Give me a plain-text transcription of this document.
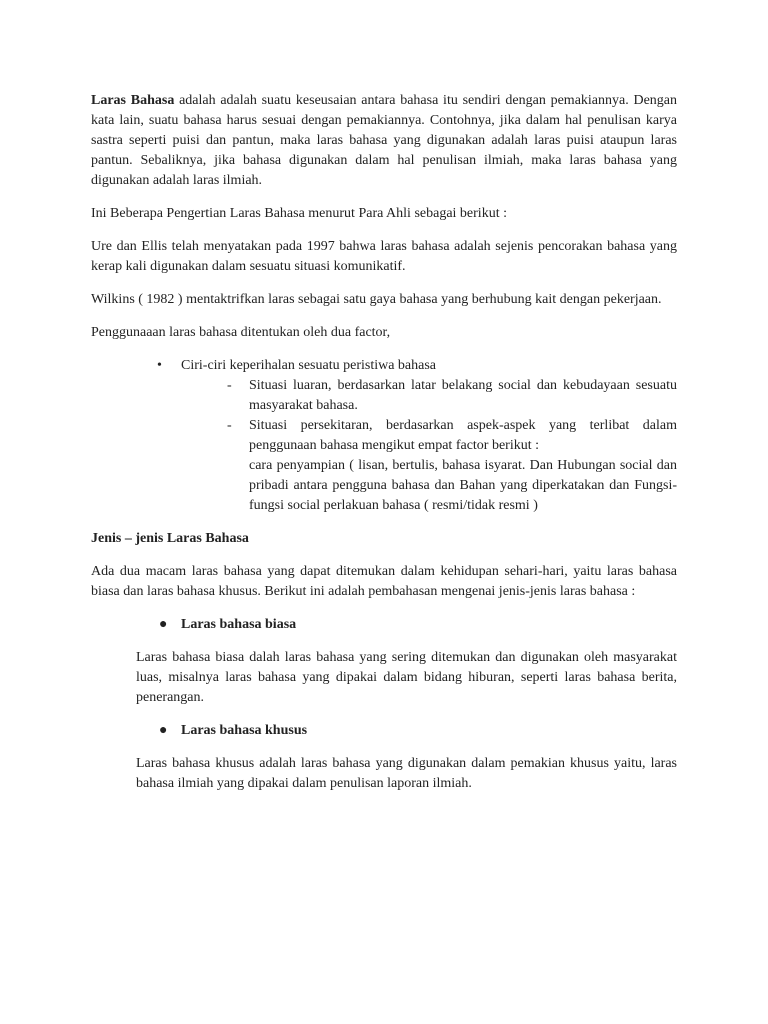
Laras Bahasa adalah adalah suatu keseusaian antara bahasa itu sendiri dengan pemakiannya. Dengan kata lain, suatu bahasa harus sesuai dengan pemakiannya. Contohnya, jika dalam hal penulisan karya sastra seperti puisi dan pantun, maka laras bahasa yang digunakan adalah laras puisi ataupun laras pantun. Sebaliknya, jika bahasa digunakan dalam hal penulisan ilmiah, maka laras bahasa yang digunakan adalah laras ilmiah.

Ini Beberapa Pengertian Laras Bahasa menurut Para Ahli sebagai berikut :

Ure dan Ellis telah menyatakan pada 1997 bahwa laras bahasa adalah sejenis pencorakan bahasa yang kerap kali digunakan dalam sesuatu situasi komunikatif.

Wilkins ( 1982 ) mentaktrifkan laras sebagai satu gaya bahasa yang berhubung kait dengan pekerjaan.

Penggunaaan laras bahasa ditentukan oleh dua factor,

•	Ciri-ciri keperihalan sesuatu peristiwa bahasa
- Situasi luaran, berdasarkan latar belakang social dan kebudayaan sesuatu masyarakat bahasa.
- Situasi persekitaran, berdasarkan aspek-aspek yang terlibat dalam penggunaan bahasa mengikut empat factor berikut :
cara penyampian ( lisan, bertulis, bahasa isyarat. Dan Hubungan social dan pribadi antara pengguna bahasa dan Bahan yang diperkatakan dan Fungsi-fungsi social perlakuan bahasa ( resmi/tidak resmi )
Jenis – jenis Laras Bahasa

Ada dua macam laras bahasa yang dapat ditemukan dalam kehidupan sehari-hari, yaitu laras bahasa biasa dan laras bahasa khusus. Berikut ini adalah pembahasan mengenai jenis-jenis laras bahasa :

● Laras bahasa biasa
Laras bahasa biasa dalah laras bahasa yang sering ditemukan dan digunakan oleh masyarakat luas, misalnya laras bahasa yang dipakai dalam bidang hiburan, seperti laras bahasa berita, penerangan.
● Laras bahasa khusus
Laras bahasa khusus adalah laras bahasa yang digunakan dalam pemakian khusus yaitu, laras bahasa ilmiah yang dipakai dalam penulisan laporan ilmiah.
